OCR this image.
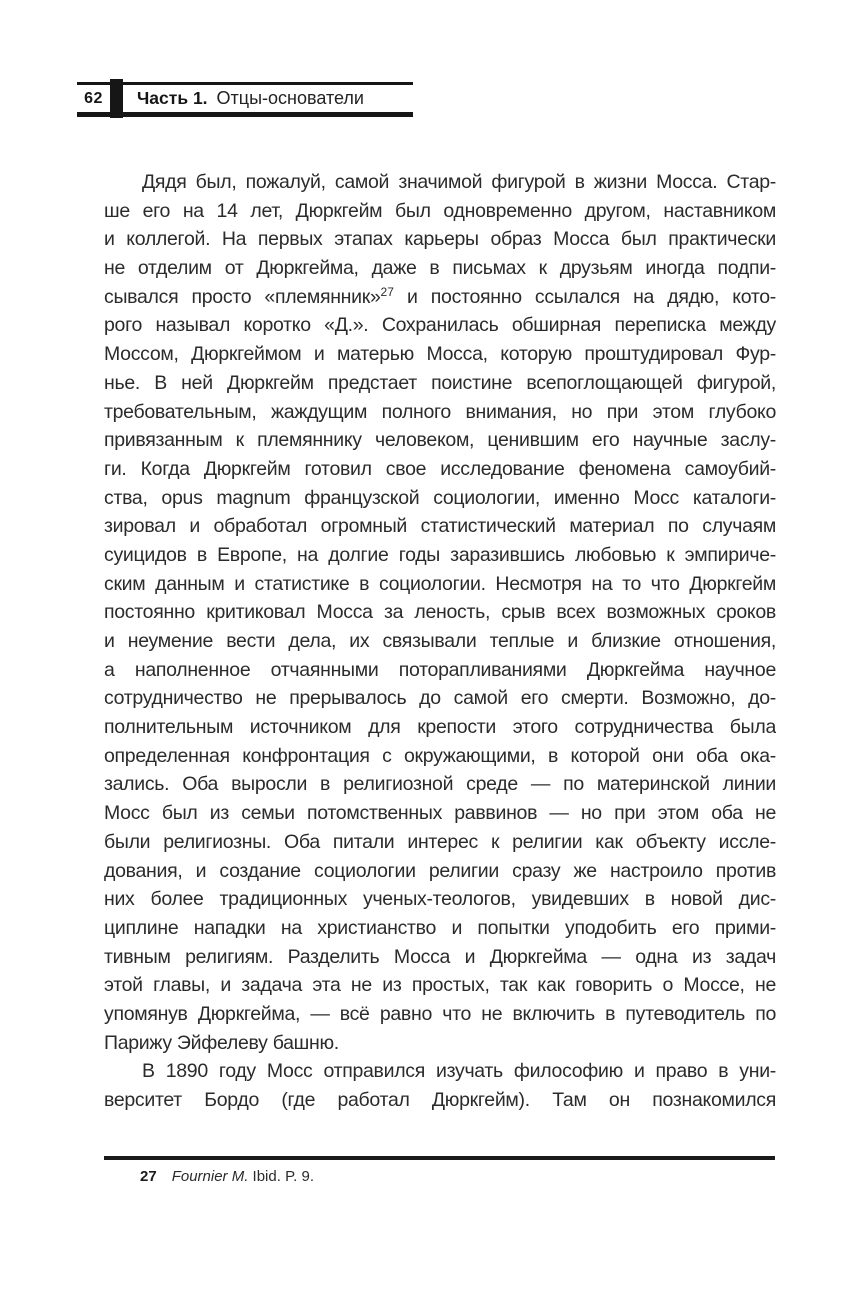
62	Часть 1. Отцы-основатели
Дядя был, пожалуй, самой значимой фигурой в жизни Мосса. Стар-
ше его на 14 лет, Дюркгейм был одновременно другом, наставником
и коллегой. На первых этапах карьеры образ Мосса был практически
не отделим от Дюркгейма, даже в письмах к друзьям иногда подпи-
сывался просто «племянник»$^{27}$ и постоянно ссылался на дядю, кото-
рого называл коротко «Д.». Сохранилась обширная переписка между
Моссом, Дюркгеймом и матерью Мосса, которую проштудировал Фур-
нье. В ней Дюркгейм предстает поистине всепоглощающей фигурой,
требовательным, жаждущим полного внимания, но при этом глубоко
привязанным к племяннику человеком, ценившим его научные заслу-
ги. Когда Дюркгейм готовил свое исследование феномена самоубий-
ства, opus magnum французской социологии, именно Мосс каталоги-
зировал и обработал огромный статистический материал по случаям
суицидов в Европе, на долгие годы заразившись любовью к эмпириче-
ским данным и статистике в социологии. Несмотря на то что Дюркгейм
постоянно критиковал Мосса за леность, срыв всех возможных сроков
и неумение вести дела, их связывали теплые и близкие отношения,
а наполненное отчаянными поторапливаниями Дюркгейма научное
сотрудничество не прерывалось до самой его смерти. Возможно, до-
полнительным источником для крепости этого сотрудничества была
определенная конфронтация с окружающими, в которой они оба ока-
зались. Оба выросли в религиозной среде — по материнской линии
Мосс был из семьи потомственных раввинов — но при этом оба не
были религиозны. Оба питали интерес к религии как объекту иссле-
дования, и создание социологии религии сразу же настроило против
них более традиционных ученых-теологов, увидевших в новой дис-
циплине нападки на христианство и попытки уподобить его прими-
тивным религиям. Разделить Мосса и Дюркгейма — одна из задач
этой главы, и задача эта не из простых, так как говорить о Моссе, не
упомянув Дюркгейма, — всё равно что не включить в путеводитель по
Парижу Эйфелеву башню.
В 1890 году Мосс отправился изучать философию и право в уни-
верситет Бордо (где работал Дюркгейм). Там он познакомился
27 Fournier M. Ibid. P. 9.
